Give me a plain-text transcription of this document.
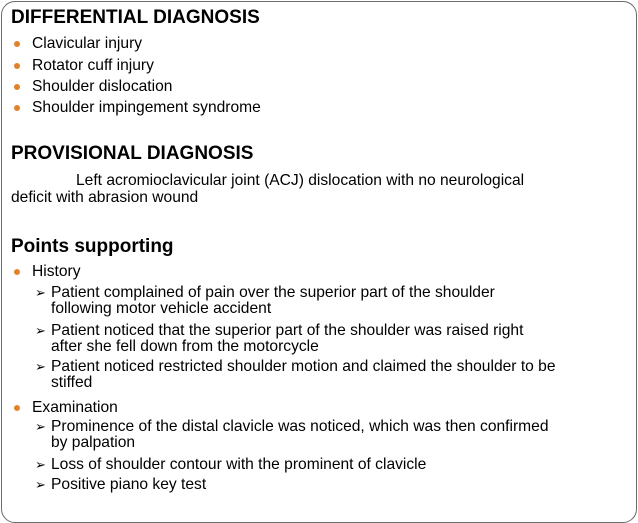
DIFFERENTIAL DIAGNOSIS
Clavicular injury
Rotator cuff injury
Shoulder dislocation
Shoulder impingement syndrome
PROVISIONAL DIAGNOSIS
Left acromioclavicular joint (ACJ) dislocation with no neurological
deficit with abrasion wound
Points supporting
History
➢ Patient complained of pain over the superior part of the shoulder
following motor vehicle accident
➢ Patient noticed that the superior part of the shoulder was raised right
after she fell down from the motorcycle
➢ Patient noticed restricted shoulder motion and claimed the shoulder to be
stiffed
Examination
➢ Prominence of the distal clavicle was noticed, which was then confirmed
by palpation
➢ Loss of shoulder contour with the prominent of clavicle
➢ Positive piano key test
